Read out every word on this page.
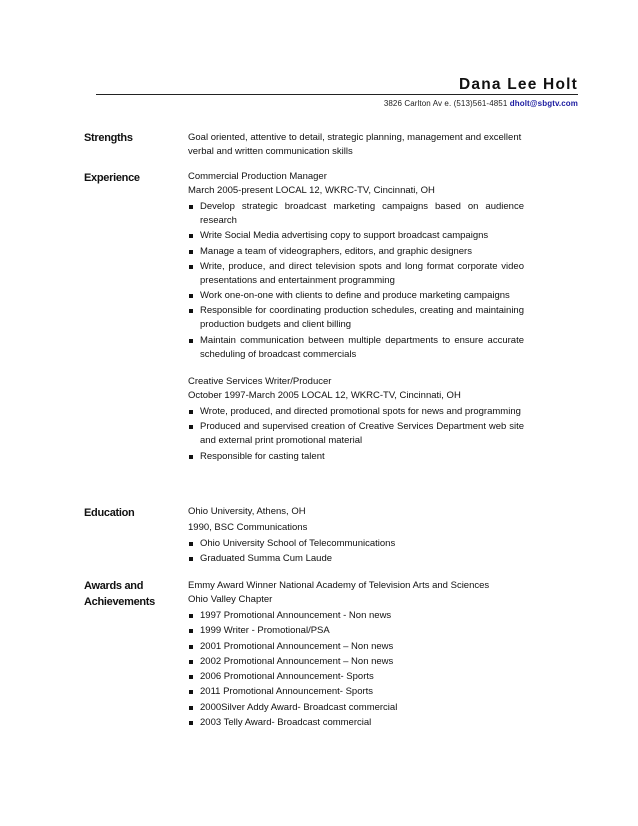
Dana Lee Holt
3826 Carlton Av e. (513)561-4851 dholt@sbgtv.com
Strengths	Goal oriented, attentive to detail, strategic planning, management and excellent verbal and written communication skills

Experience	Commercial Production Manager

March 2005-present LOCAL 12, WKRC-TV, Cincinnati, OH

Develop strategic broadcast marketing campaigns based on audience research
Write Social Media advertising copy to support broadcast campaigns
Manage a team of videographers, editors, and graphic designers
Write, produce, and direct television spots and long format corporate video presentations and entertainment programming
Work one-on-one with clients to define and produce marketing campaigns
Responsible for coordinating production schedules, creating and maintaining production budgets and client billing
Maintain communication between multiple departments to ensure accurate scheduling of broadcast commercials

Creative Services Writer/Producer

October 1997-March 2005 LOCAL 12, WKRC-TV, Cincinnati, OH

Wrote, produced, and directed promotional spots for news and programming
Produced and supervised creation of Creative Services Department web site and external print promotional material
Responsible for casting talent
Education	Ohio University, Athens, OH

1990, BSC Communications

Ohio University School of Telecommunications
Graduated Summa Cum Laude
Awards and
Achievements

Emmy Award Winner National Academy of Television Arts and Sciences

Ohio Valley Chapter

1997 Promotional Announcement - Non news
1999 Writer - Promotional/PSA
2001 Promotional Announcement – Non news
2002 Promotional Announcement – Non news
2006 Promotional Announcement- Sports
2011 Promotional Announcement- Sports
2000Silver Addy Award- Broadcast commercial
2003 Telly Award- Broadcast commercial
